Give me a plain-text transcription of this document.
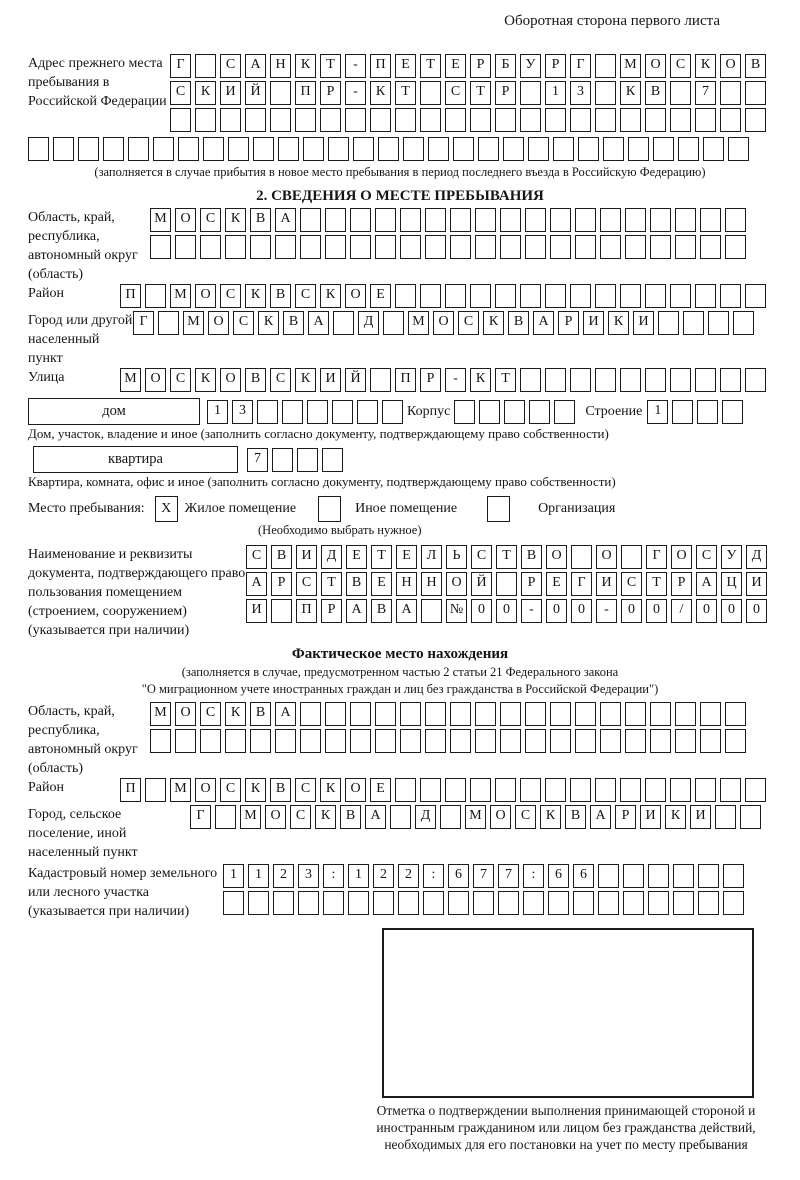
Оборотная сторона первого листа
Адрес прежнего места пребывания в Российской Федерации
Г	С А Н К Т - П Е Т Е Р Б У Р Г	М О С К О В
С К И Й	П Р - К Т	С Т Р	1 3	К В	7
(заполняется в случае прибытия в новое место пребывания в период последнего въезда в Российскую Федерацию)
2. СВЕДЕНИЯ О МЕСТЕ ПРЕБЫВАНИЯ
Область, край, республика, автономный округ (область)
М О С К В А
Район	П	М О С К В С К О Е
Город или другой населенный пункт
Г	М О С К В А	Д	М О С К В А Р И К И
Улица	М О С К О В С К И Й	П Р - К Т
дом	1 3	Корпус	Строение 1
Дом, участок, владение и иное (заполнить согласно документу, подтверждающему право собственности)
квартира	7
Квартира, комната, офис и иное (заполнить согласно документу, подтверждающему право собственности)
Место пребывания:	X Жилое помещение	Иное помещение	Организация
(Необходимо выбрать нужное)
Наименование и реквизиты документа, подтверждающего право пользования помещением (строением, сооружением) (указывается при наличии)
С В И Д Е Т Е Л Ь С Т В О	О	Г О С У Д
А Р С Т В Е Н Н О Й	Р Е Г И С Т Р А Ц И
И	П Р А В А	№ 0 0 - 0 0 - 0 0 / 0 0 0
Фактическое место нахождения
(заполняется в случае, предусмотренном частью 2 статьи 21 Федерального закона
"О миграционном учете иностранных граждан и лиц без гражданства в Российской Федерации")
Область, край, республика, автономный округ (область)
М О С К В А
Район	П	М О С К В С К О Е
Город, сельское поселение, иной населенный пункт
Г	М О С К В А	Д	М О С К В А Р И К И
Кадастровый номер земельного или лесного участка (указывается при наличии)
1 1 2 3 : 1 2 2 : 6 7 7 : 6 6
Отметка о подтверждении выполнения принимающей стороной и иностранным гражданином или лицом без гражданства действий, необходимых для его постановки на учет по месту пребывания
